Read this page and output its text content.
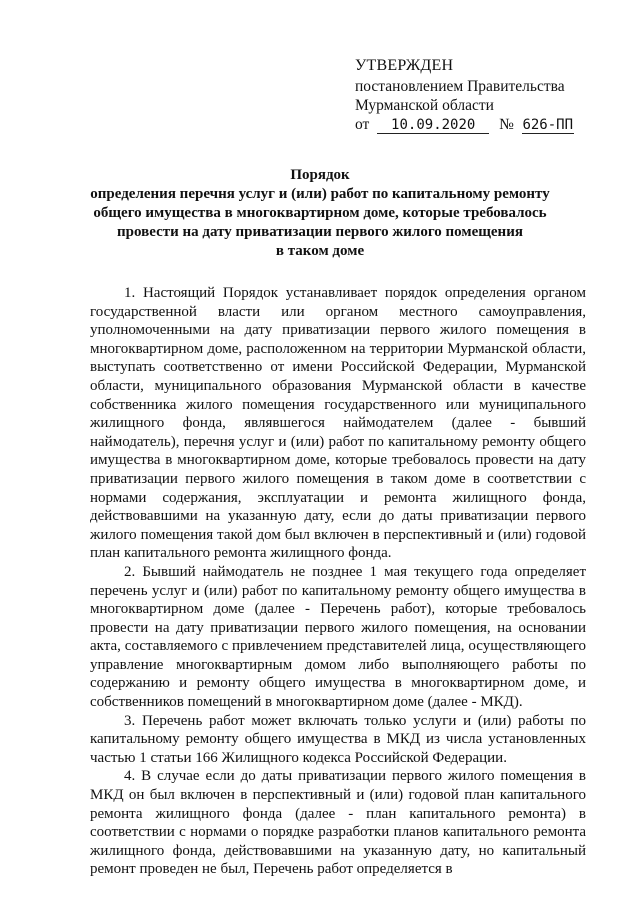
УТВЕРЖДЕН
постановлением Правительства
Мурманской области
от 10.09.2020 № 626-ПП
Порядок
определения перечня услуг и (или) работ по капитальному ремонту
общего имущества в многоквартирном доме, которые требовалось
провести на дату приватизации первого жилого помещения
в таком доме

1. Настоящий Порядок устанавливает порядок определения органом государственной власти или органом местного самоуправления, уполномоченными на дату приватизации первого жилого помещения в многоквартирном доме, расположенном на территории Мурманской области, выступать соответственно от имени Российской Федерации, Мурманской области, муниципального образования Мурманской области в качестве собственника жилого помещения государственного или муниципального жилищного фонда, являвшегося наймодателем (далее - бывший наймодатель), перечня услуг и (или) работ по капитальному ремонту общего имущества в многоквартирном доме, которые требовалось провести на дату приватизации первого жилого помещения в таком доме в соответствии с нормами содержания, эксплуатации и ремонта жилищного фонда, действовавшими на указанную дату, если до даты приватизации первого жилого помещения такой дом был включен в перспективный и (или) годовой план капитального ремонта жилищного фонда.

2. Бывший наймодатель не позднее 1 мая текущего года определяет перечень услуг и (или) работ по капитальному ремонту общего имущества в многоквартирном доме (далее - Перечень работ), которые требовалось провести на дату приватизации первого жилого помещения, на основании акта, составляемого с привлечением представителей лица, осуществляющего управление многоквартирным домом либо выполняющего работы по содержанию и ремонту общего имущества в многоквартирном доме, и собственников помещений в многоквартирном доме (далее - МКД).

3. Перечень работ может включать только услуги и (или) работы по капитальному ремонту общего имущества в МКД из числа установленных частью 1 статьи 166 Жилищного кодекса Российской Федерации.

4. В случае если до даты приватизации первого жилого помещения в МКД он был включен в перспективный и (или) годовой план капитального ремонта жилищного фонда (далее - план капитального ремонта) в соответствии с нормами о порядке разработки планов капитального ремонта жилищного фонда, действовавшими на указанную дату, но капитальный ремонт проведен не был, Перечень работ определяется в
